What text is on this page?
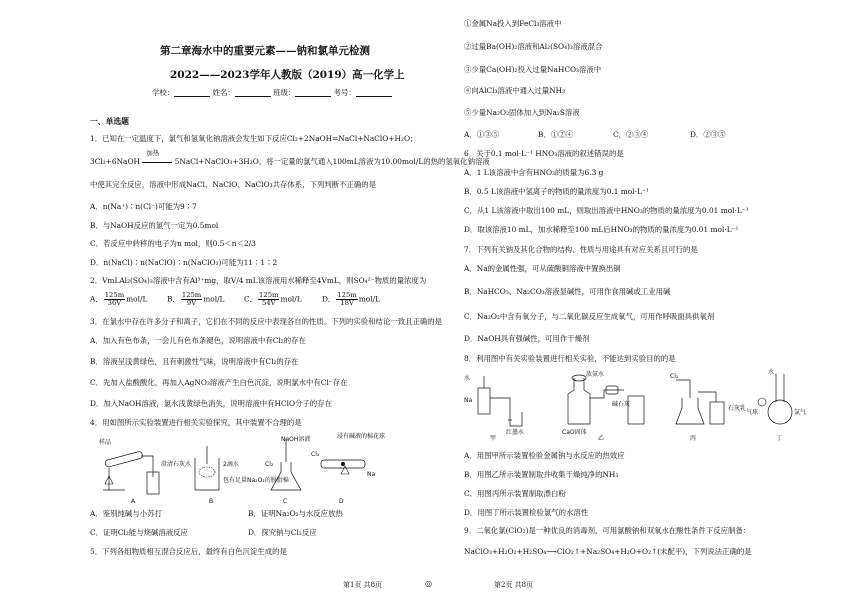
第二章海水中的重要元素——钠和氯单元检测
2022——2023学年人教版（2019）高一化学上
学校：	姓名：	班级：	考号：
一、单选题
1．已知在一定温度下，氯气和氢氧化钠溶液会发生如下反应Cl₂+2NaOH=NaCl+NaClO+H₂O；
3Cl₂+6NaOH
加热
5NaCl+NaClO₃+3H₂O。将一定量的氯气通入100mL溶液为10.00mol/L的热的氢氧化钠溶液
中使其完全反应，溶液中形成NaCl、NaClO、NaClO₃共存体系，下列判断不正确的是
A．n(Na⁺)∶n(Cl⁻)可能为9∶7
B．与NaOH反应的氯气一定为0.5mol
C．若反应中转移的电子为n mol，则0.5＜n＜2/3
D．n(NaCl)∶n(NaClO)∶n(NaClO₃)可能为11∶1∶2
2．VmLAl₂(SO₄)₃溶液中含有Al³⁺mg，取V/4 mL该溶液用水稀释至4VmL，则SO₄²⁻物质的量浓度为
A． $\frac{125m}{36V} mol/L$	B． $\frac{125m}{9V} mol/L$	C． $\frac{125m}{54V} mol/L$	D． $\frac{125m}{18V} mol/L$
3．在氯水中存在许多分子和离子，它们在不同的反应中表现各自的性质。下列的实验和结论一致且正确的是
A．加入有色布条，一会儿有色布条褪色，说明溶液中有Cl₂的存在
B．溶液呈浅黄绿色，且有刺激性气味，说明溶液中有Cl₂的存在
C．先加入盐酸酸化，再加入AgNO₃溶液产生白色沉淀，说明氯水中有Cl⁻存在
D．加入NaOH溶液，氯水浅黄绿色消失，说明溶液中有HClO分子的存在
4．用如图所示实验装置进行相关实验探究，其中装置不合理的是
样品
澄清石灰水
A
2滴水
包有足量Na₂O₂的脱脂棉
B
NaOH溶液
Cl₂
C
浸有碱液的棉花球
Cl₂
Na
D
A．鉴别纯碱与小苏打	B．证明Na₂O₂与水反应放热
C．证明Cl₂能与烧碱溶液反应	D．探究钠与Cl₂反应
5．下列各组物质相互混合反应后，最终有白色沉淀生成的是
第1页 共8页	◎
①金属Na投入到FeCl₃溶液中
②过量Ba(OH)₂溶液和Al₂(SO₄)₃溶液混合
③少量Ca(OH)₂投入过量NaHCO₃溶液中
④向AlCl₃溶液中通入过量NH₃
⑤少量Na₂O₂固体加入到Na₂S溶液
A．①③⑤	B．①②④	C．②③④	D．②③⑤
6．关于0.1 mol·L⁻¹ HNO₃溶液的叙述错误的是
A．1 L该溶液中含有HNO₃的质量为6.3 g
B．0.5 L该溶液中氢离子的物质的量浓度为0.1 mol·L⁻¹
C．从1 L该溶液中取出100 mL，则取出溶液中HNO₃的物质的量浓度为0.01 mol·L⁻¹
D．取该溶液10 mL，加水稀释至100 mL后HNO₃的物质的量浓度为0.01 mol·L⁻¹
7．下列有关钠及其化合物的结构、性质与用途具有对应关系且可行的是
A．Na的金属性强，可从硫酸铜溶液中置换出铜
B．NaHCO₃、Na₂CO₃溶液显碱性，可用作食用碱或工业用碱
C．Na₂O₂中含有氧分子，与二氧化碳反应生成氧气，可用作呼吸面具供氧剂
D．NaOH具有强碱性，可用作干燥剂
8．利用图中有关实验装置进行相关实验，不能达到实验目的的是
水
Na
红墨水
甲
浓氨水
碱石灰
CaO固体
乙
Cl₂
石灰乳
丙
水
气球	氯气
丁
A．用图甲所示装置检验金属钠与水反应的热效应
B．用图乙所示装置制取并收集干燥纯净的NH₃
C．用图丙所示装置制取漂白粉
D．用图丁所示装置检验氯气的水溶性
9．二氧化氯(ClO₂)是一种优良的消毒剂，可用氯酸钠和双氧水在酸性条件下反应制备：
NaClO₃+H₂O₂+H₂SO₄⟶ClO₂↑+Na₂SO₄+H₂O+O₂↑(未配平)，下列说法正确的是
第2页 共8页
